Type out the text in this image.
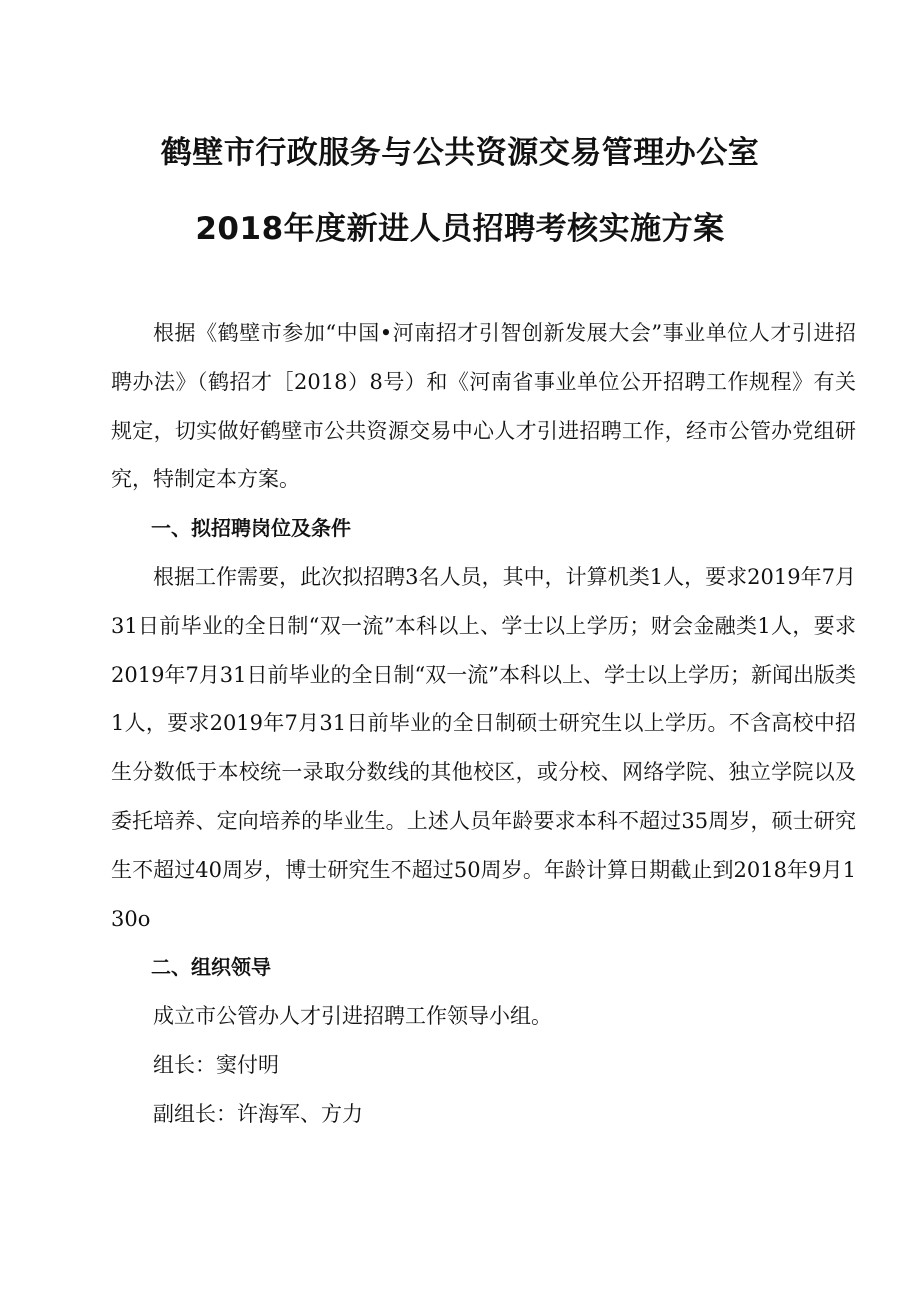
鹤壁市行政服务与公共资源交易管理办公室
2018年度新进人员招聘考核实施方案

根据《鹤壁市参加“中国•河南招才引智创新发展大会”事业单位人才引进招聘办法》（鹤招才［2018）8号）和《河南省事业单位公开招聘工作规程》有关规定，切实做好鹤壁市公共资源交易中心人才引进招聘工作，经市公管办党组研究，特制定本方案。

一、拟招聘岗位及条件

根据工作需要，此次拟招聘3名人员，其中，计算机类1人，要求2019年7月31日前毕业的全日制“双一流”本科以上、学士以上学历；财会金融类1人，要求2019年7月31日前毕业的全日制“双一流”本科以上、学士以上学历；新闻出版类1人，要求2019年7月31日前毕业的全日制硕士研究生以上学历。不含高校中招生分数低于本校统一录取分数线的其他校区，或分校、网络学院、独立学院以及委托培养、定向培养的毕业生。上述人员年龄要求本科不超过35周岁，硕士研究生不超过40周岁，博士研究生不超过50周岁。年龄计算日期截止到2018年9月130o

二、组织领导

成立市公管办人才引进招聘工作领导小组。

组长：窦付明

副组长：许海军、方力
